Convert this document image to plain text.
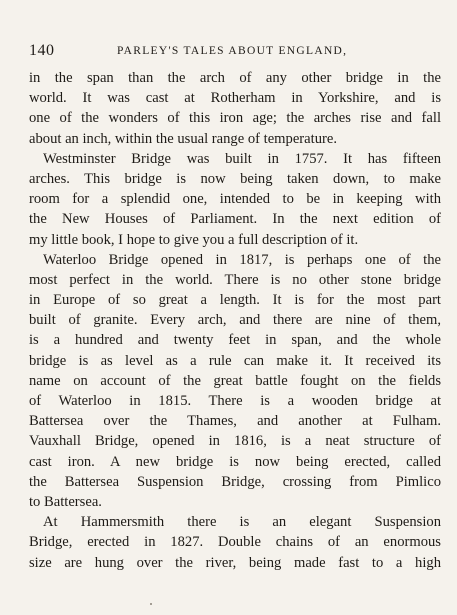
140	PARLEY'S TALES ABOUT ENGLAND,
in the span than the arch of any other bridge in the
world. It was cast at Rotherham in Yorkshire, and is
one of the wonders of this iron age; the arches rise and fall
about an inch, within the usual range of temperature.
Westminster Bridge was built in 1757. It has fifteen
arches. This bridge is now being taken down, to make
room for a splendid one, intended to be in keeping with
the New Houses of Parliament. In the next edition of
my little book, I hope to give you a full description of it.
Waterloo Bridge opened in 1817, is perhaps one of the
most perfect in the world. There is no other stone bridge
in Europe of so great a length. It is for the most part
built of granite. Every arch, and there are nine of them,
is a hundred and twenty feet in span, and the whole
bridge is as level as a rule can make it. It received its
name on account of the great battle fought on the fields
of Waterloo in 1815. There is a wooden bridge at
Battersea over the Thames, and another at Fulham.
Vauxhall Bridge, opened in 1816, is a neat structure of
cast iron. A new bridge is now being erected, called
the Battersea Suspension Bridge, crossing from Pimlico
to Battersea.
At Hammersmith there is an elegant Suspension
Bridge, erected in 1827. Double chains of an enormous
size are hung over the river, being made fast to a high
